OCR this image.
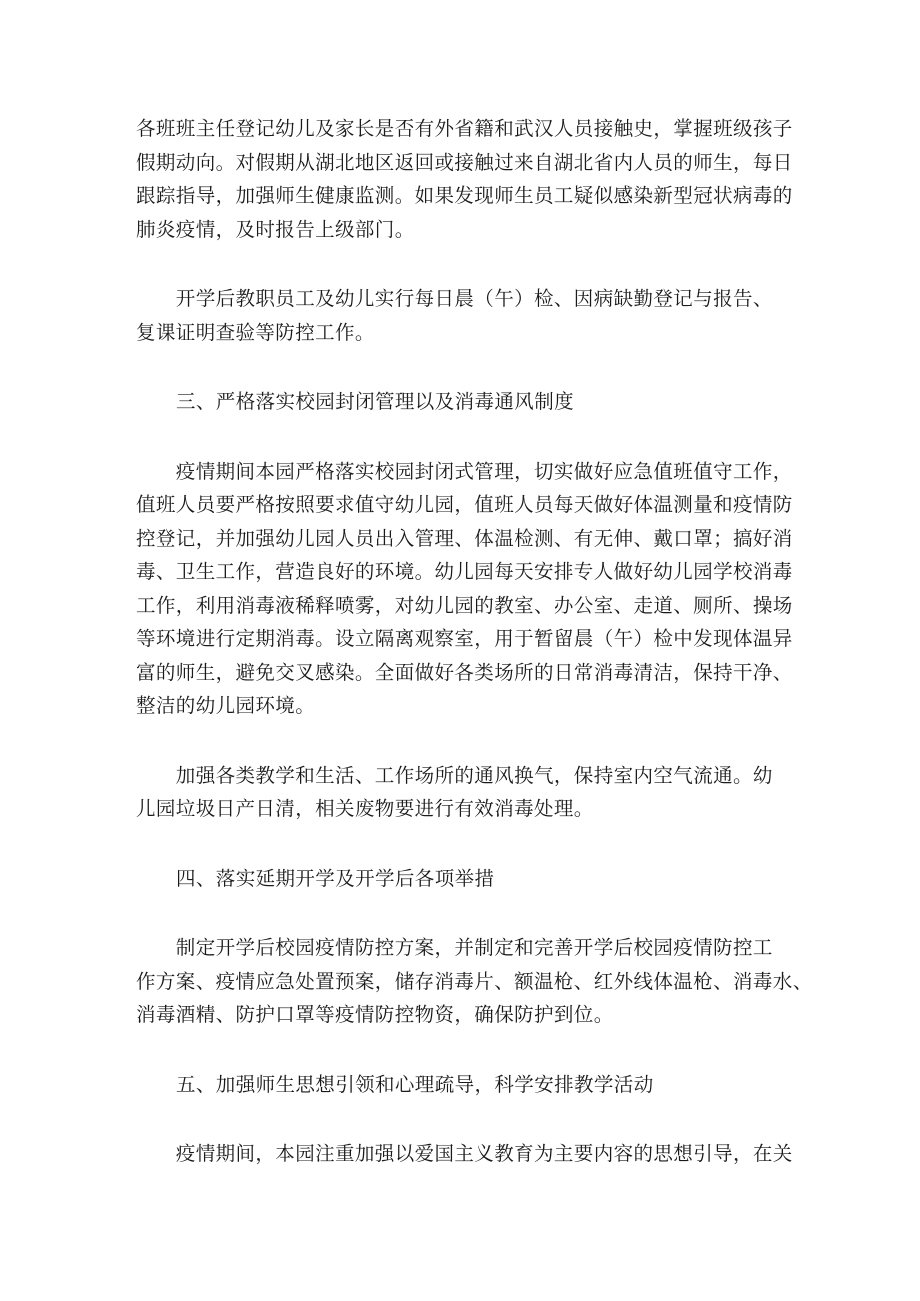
各班班主任登记幼儿及家长是否有外省籍和武汉人员接触史，掌握班级孩子
假期动向。对假期从湖北地区返回或接触过来自湖北省内人员的师生，每日
跟踪指导，加强师生健康监测。如果发现师生员工疑似感染新型冠状病毒的
肺炎疫情，及时报告上级部门。

　　开学后教职员工及幼儿实行每日晨（午）检、因病缺勤登记与报告、
复课证明查验等防控工作。

三、严格落实校园封闭管理以及消毒通风制度

　　疫情期间本园严格落实校园封闭式管理，切实做好应急值班值守工作，
值班人员要严格按照要求值守幼儿园，值班人员每天做好体温测量和疫情防
控登记，并加强幼儿园人员出入管理、体温检测、有无伸、戴口罩；搞好消
毒、卫生工作，营造良好的环境。幼儿园每天安排专人做好幼儿园学校消毒
工作，利用消毒液稀释喷雾，对幼儿园的教室、办公室、走道、厕所、操场
等环境进行定期消毒。设立隔离观察室，用于暂留晨（午）检中发现体温异
富的师生，避免交叉感染。全面做好各类场所的日常消毒清洁，保持干净、
整洁的幼儿园环境。

　　加强各类教学和生活、工作场所的通风换气，保持室内空气流通。幼
儿园垃圾日产日清，相关废物要进行有效消毒处理。

四、落实延期开学及开学后各项举措

　　制定开学后校园疫情防控方案，并制定和完善开学后校园疫情防控工
作方案、疫情应急处置预案，储存消毒片、额温枪、红外线体温枪、消毒水、
消毒酒精、防护口罩等疫情防控物资，确保防护到位。

五、加强师生思想引领和心理疏导，科学安排教学活动

　　疫情期间，本园注重加强以爱国主义教育为主要内容的思想引导，在关
